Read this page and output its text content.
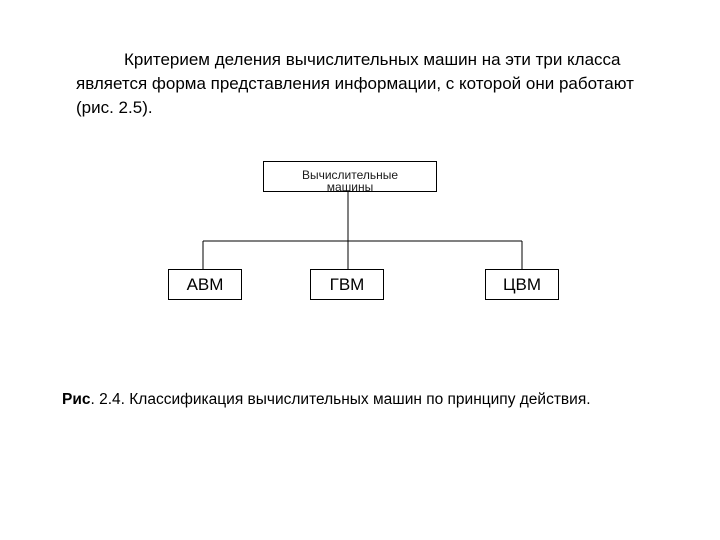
Критерием деления вычислительных машин на эти три класса
является форма представления информации, с которой они работают
(рис. 2.5).
Вычислительные
машины
АВМ	ГВМ	ЦВМ
Рис. 2.4. Классификация вычислительных машин по принципу действия.
